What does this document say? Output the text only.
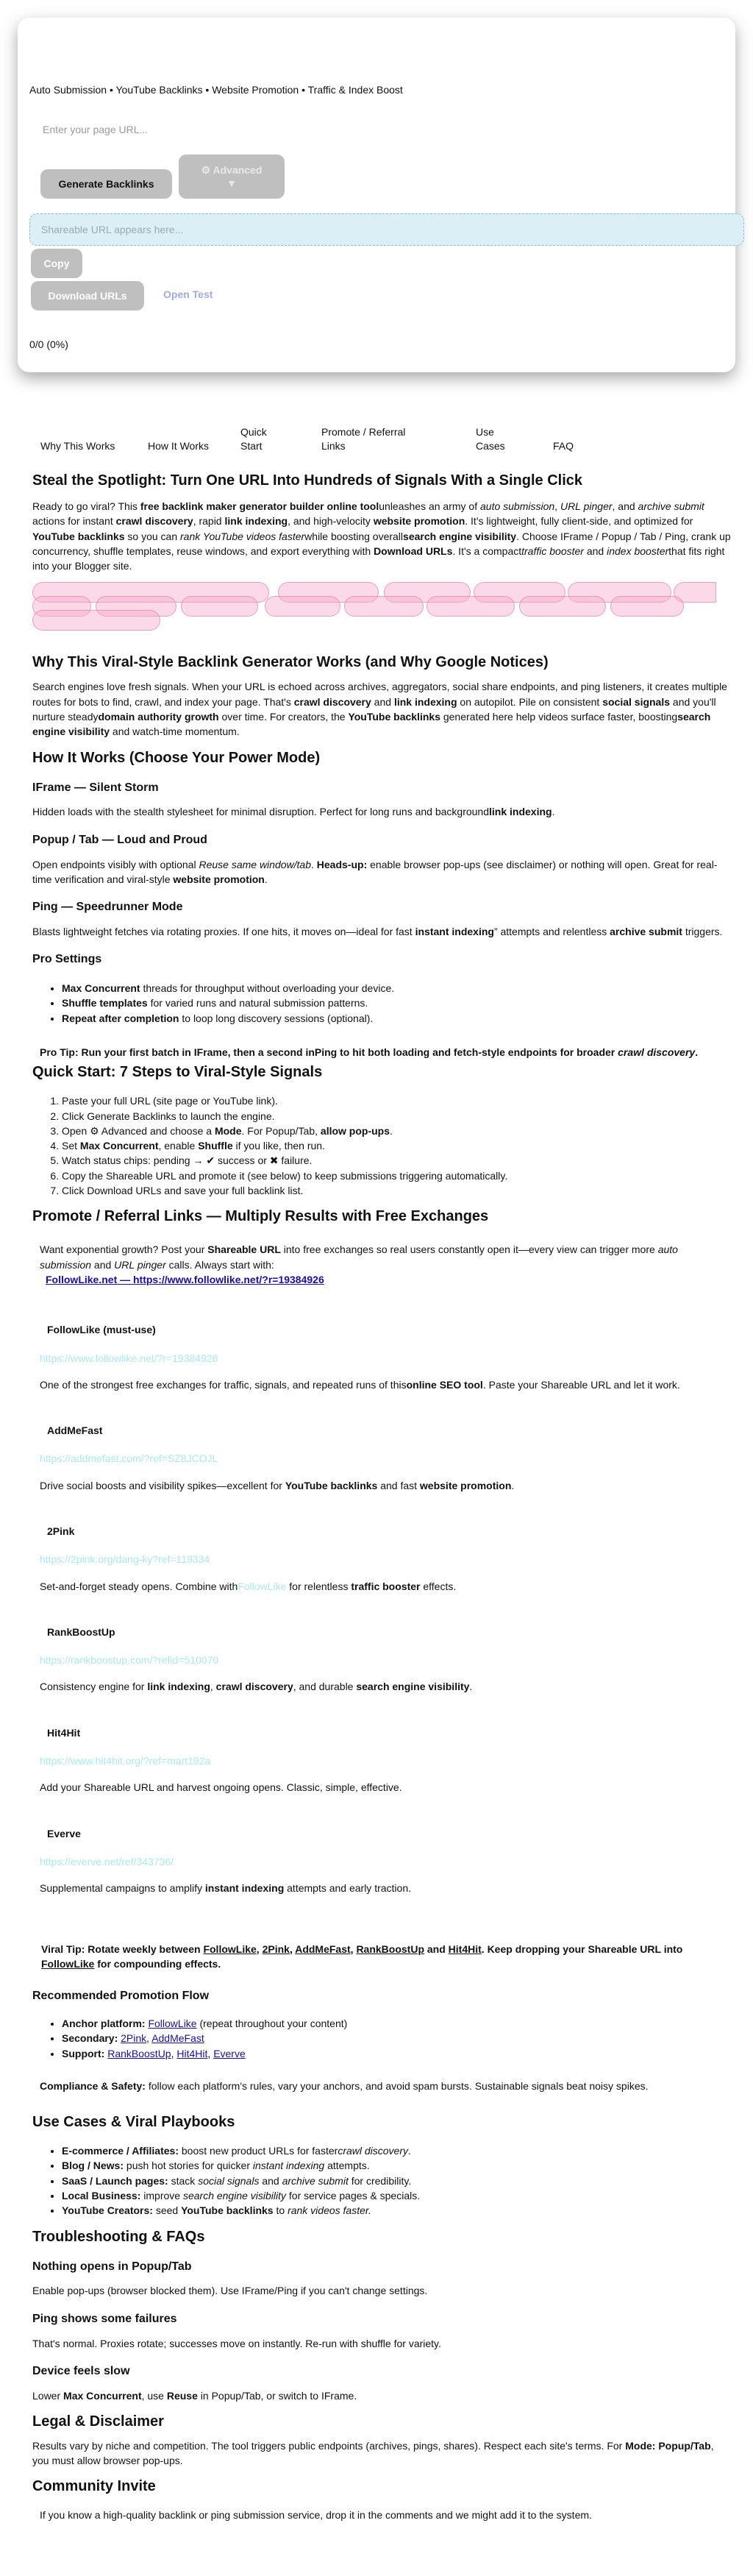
Auto Submission • YouTube Backlinks • Website Promotion • Traffic & Index Boost
Enter your page URL...
Generate Backlinks
⚙ Advanced
▼
Shareable URL appears here...
Copy
Download URLs	Open Test
0/0 (0%)
Why This Works	How It Works
Quick Start
Promote / Referral Links
Use Cases	FAQ
Steal the Spotlight: Turn One URL Into Hundreds of Signals With a Single Click

Ready to go viral? This free backlink maker generator builder online toolunleashes an army of auto submission, URL pinger, and archive submit actions for instant crawl discovery, rapid link indexing, and high-velocity website promotion. It's lightweight, fully client-side, and optimized for YouTube backlinks so you can rank YouTube videos fasterwhile boosting overallsearch engine visibility. Choose IFrame / Popup / Tab / Ping, crank up concurrency, shuffle templates, reuse windows, and export everything with Download URLs. It's a compacttraffic booster and index boosterthat fits right into your Blogger site.

Why This Viral-Style Backlink Generator Works (and Why Google Notices)

Search engines love fresh signals. When your URL is echoed across archives, aggregators, social share endpoints, and ping listeners, it creates multiple routes for bots to find, crawl, and index your page. That's crawl discovery and link indexing on autopilot. Pile on consistent social signals and you'll nurture steadydomain authority growth over time. For creators, the YouTube backlinks generated here help videos surface faster, boostingsearch engine visibility and watch-time momentum.

How It Works (Choose Your Power Mode)
IFrame — Silent Storm

Hidden loads with the stealth stylesheet for minimal disruption. Perfect for long runs and backgroundlink indexing.

Popup / Tab — Loud and Proud

Open endpoints visibly with optional Reuse same window/tab. Heads-up: enable browser pop-ups (see disclaimer) or nothing will open. Great for real-time verification and viral-style website promotion.

Ping — Speedrunner Mode

Blasts lightweight fetches via rotating proxies. If one hits, it moves on—ideal for fast instant indexing” attempts and relentless archive submit triggers.

Pro Settings
• Max Concurrent threads for throughput without overloading your device.
• Shuffle templates for varied runs and natural submission patterns.
• Repeat after completion to loop long discovery sessions (optional).

Pro Tip: Run your first batch in IFrame, then a second inPing to hit both loading and fetch-style endpoints for broader crawl discovery.

Quick Start: 7 Steps to Viral-Style Signals
1. Paste your full URL (site page or YouTube link).
2. Click Generate Backlinks to launch the engine.
3. Open ⚙ Advanced and choose a Mode. For Popup/Tab, allow pop-ups.
4. Set Max Concurrent, enable Shuffle if you like, then run.
5. Watch status chips: pending → ✔ success or ✖ failure.
6. Copy the Shareable URL and promote it (see below) to keep submissions triggering automatically.
7. Click Download URLs and save your full backlink list.
Promote / Referral Links — Multiply Results with Free Exchanges

Want exponential growth? Post your Shareable URL into free exchanges so real users constantly open it—every view can trigger more auto submission and URL pinger calls. Always start with:

FollowLike.net — https://www.followlike.net/?r=19384926
FollowLike (must-use)
https://www.followlike.net/?r=19384926

One of the strongest free exchanges for traffic, signals, and repeated runs of thisonline SEO tool. Paste your Shareable URL and let it work.

AddMeFast
https://addmefast.com/?ref=SZ8JCOJL

Drive social boosts and visibility spikes—excellent for YouTube backlinks and fast website promotion.

2Pink
https://2pink.org/dang-ky?ref=119334

Set-and-forget steady opens. Combine withFollowLike for relentless traffic booster effects.

RankBoostUp
https://rankboostup.com/?refid=510070

Consistency engine for link indexing, crawl discovery, and durable search engine visibility.

Hit4Hit
https://www.hit4hit.org/?ref=mart192a

Add your Shareable URL and harvest ongoing opens. Classic, simple, effective.

Everve
https://everve.net/ref/343736/

Supplemental campaigns to amplify instant indexing attempts and early traction.

Viral Tip: Rotate weekly between FollowLike, 2Pink, AddMeFast, RankBoostUp and Hit4Hit. Keep dropping your Shareable URL into FollowLike for compounding effects.

Recommended Promotion Flow
• Anchor platform: FollowLike (repeat throughout your content)
• Secondary: 2Pink, AddMeFast
• Support: RankBoostUp, Hit4Hit, Everve

Compliance & Safety: follow each platform's rules, vary your anchors, and avoid spam bursts. Sustainable signals beat noisy spikes.

Use Cases & Viral Playbooks
• E-commerce / Affiliates: boost new product URLs for fastercrawl discovery.
• Blog / News: push hot stories for quicker instant indexing attempts.
• SaaS / Launch pages: stack social signals and archive submit for credibility.
• Local Business: improve search engine visibility for service pages & specials.
• YouTube Creators: seed YouTube backlinks to rank videos faster.
Troubleshooting & FAQs
Nothing opens in Popup/Tab

Enable pop-ups (browser blocked them). Use IFrame/Ping if you can't change settings.

Ping shows some failures

That's normal. Proxies rotate; successes move on instantly. Re-run with shuffle for variety.

Device feels slow

Lower Max Concurrent, use Reuse in Popup/Tab, or switch to IFrame.

Legal & Disclaimer

Results vary by niche and competition. The tool triggers public endpoints (archives, pings, shares). Respect each site's terms. For Mode: Popup/Tab, you must allow browser pop-ups.

Community Invite

If you know a high-quality backlink or ping submission service, drop it in the comments and we might add it to the system.
